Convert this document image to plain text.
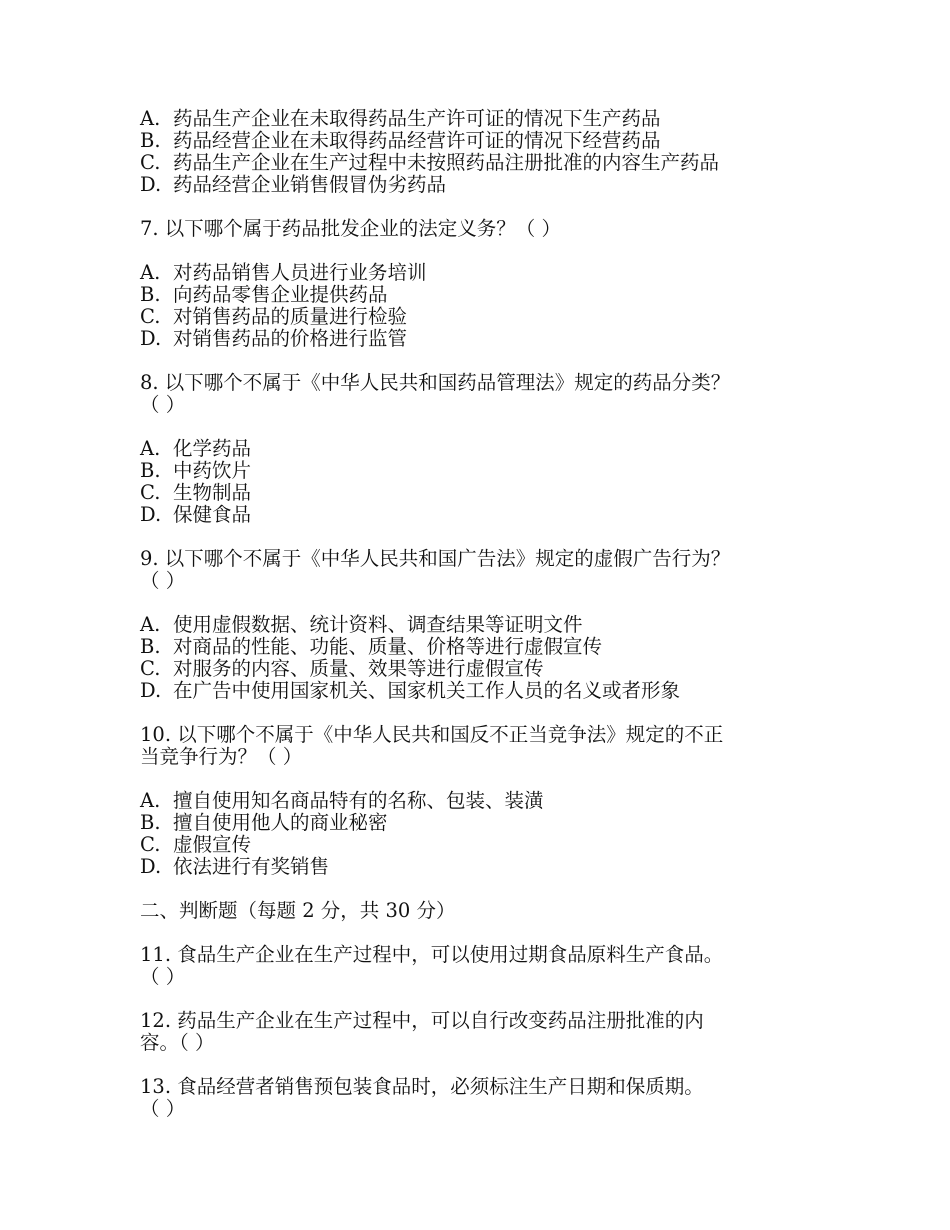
A. 药品生产企业在未取得药品生产许可证的情况下生产药品
B. 药品经营企业在未取得药品经营许可证的情况下经营药品
C. 药品生产企业在生产过程中未按照药品注册批准的内容生产药品
D. 药品经营企业销售假冒伪劣药品
7. 以下哪个属于药品批发企业的法定义务？（ ）
A. 对药品销售人员进行业务培训
B. 向药品零售企业提供药品
C. 对销售药品的质量进行检验
D. 对销售药品的价格进行监管
8. 以下哪个不属于《中华人民共和国药品管理法》规定的药品分类？
（ ）
A. 化学药品
B. 中药饮片
C. 生物制品
D. 保健食品
9. 以下哪个不属于《中华人民共和国广告法》规定的虚假广告行为？
（ ）
A. 使用虚假数据、统计资料、调查结果等证明文件
B. 对商品的性能、功能、质量、价格等进行虚假宣传
C. 对服务的内容、质量、效果等进行虚假宣传
D. 在广告中使用国家机关、国家机关工作人员的名义或者形象
10. 以下哪个不属于《中华人民共和国反不正当竞争法》规定的不正
当竞争行为？（ ）
A. 擅自使用知名商品特有的名称、包装、装潢
B. 擅自使用他人的商业秘密
C. 虚假宣传
D. 依法进行有奖销售
二、判断题（每题 2 分，共 30 分）
11. 食品生产企业在生产过程中，可以使用过期食品原料生产食品。
（ ）
12. 药品生产企业在生产过程中，可以自行改变药品注册批准的内
容。（ ）
13. 食品经营者销售预包装食品时，必须标注生产日期和保质期。
（ ）
